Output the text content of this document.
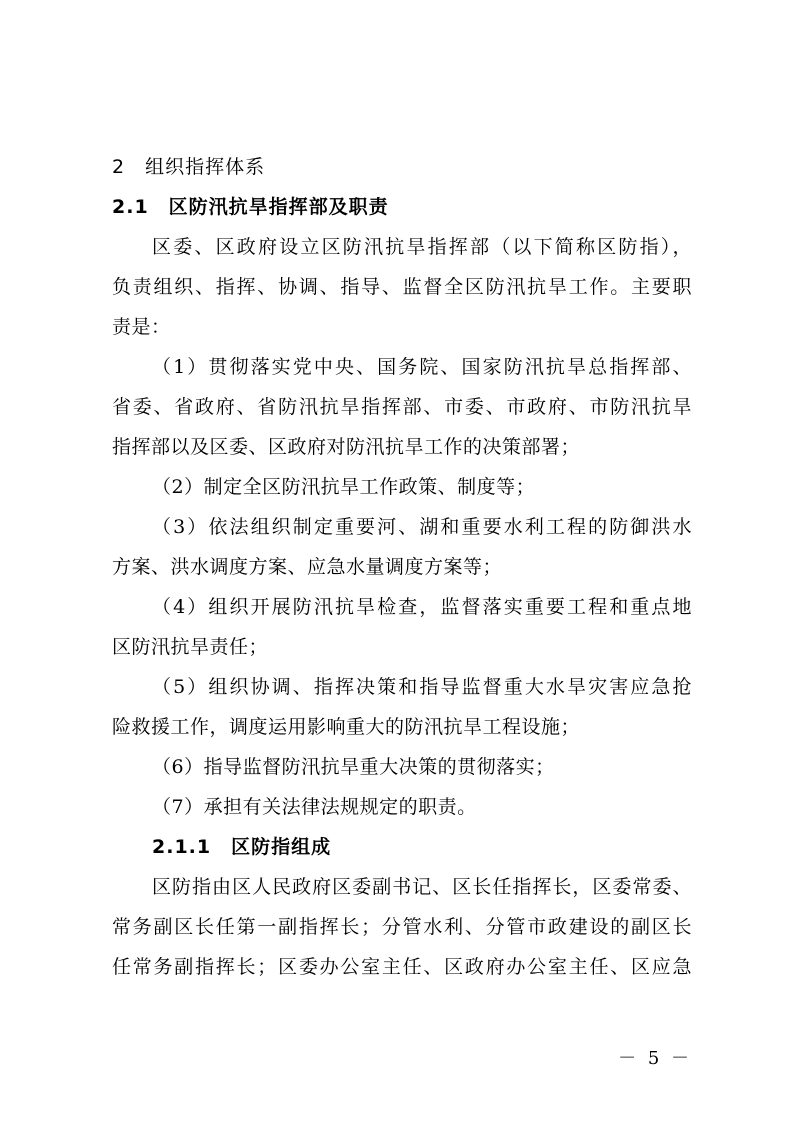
2　组织指挥体系
2.1　区防汛抗旱指挥部及职责
区委、区政府设立区防汛抗旱指挥部（以下简称区防指），
负责组织、指挥、协调、指导、监督全区防汛抗旱工作。主要职
责是：
（1）贯彻落实党中央、国务院、国家防汛抗旱总指挥部、
省委、省政府、省防汛抗旱指挥部、市委、市政府、市防汛抗旱
指挥部以及区委、区政府对防汛抗旱工作的决策部署；
（2）制定全区防汛抗旱工作政策、制度等；
（3）依法组织制定重要河、湖和重要水利工程的防御洪水
方案、洪水调度方案、应急水量调度方案等；
（4）组织开展防汛抗旱检查，监督落实重要工程和重点地
区防汛抗旱责任；
（5）组织协调、指挥决策和指导监督重大水旱灾害应急抢
险救援工作，调度运用影响重大的防汛抗旱工程设施；
（6）指导监督防汛抗旱重大决策的贯彻落实；
（7）承担有关法律法规规定的职责。
2.1.1　区防指组成
区防指由区人民政府区委副书记、区长任指挥长，区委常委、
常务副区长任第一副指挥长；分管水利、分管市政建设的副区长
任常务副指挥长；区委办公室主任、区政府办公室主任、区应急
－ 5 －
